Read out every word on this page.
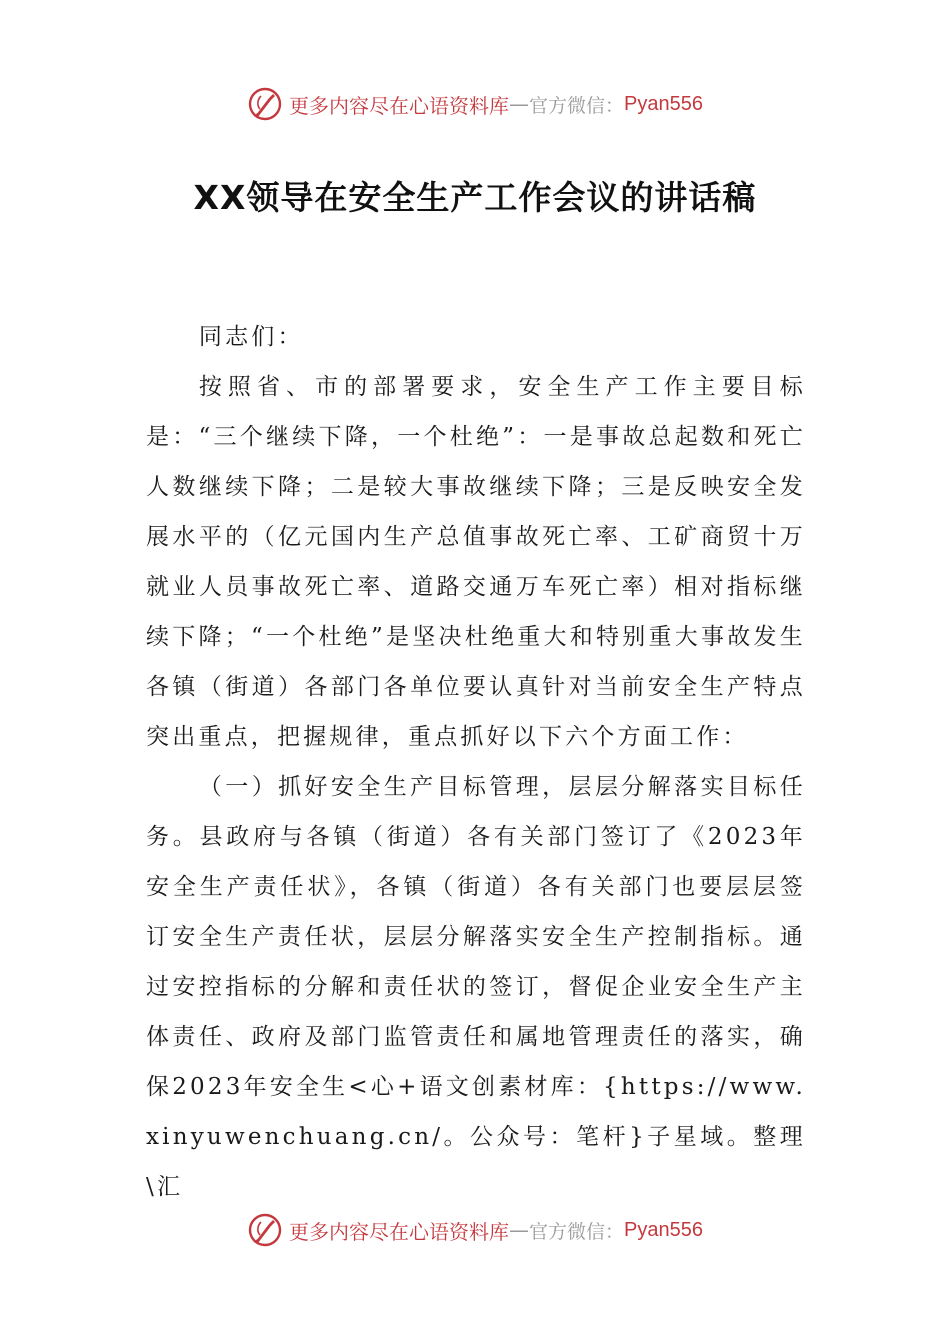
更多内容尽在心语资料库 — 官方微信： Pyan556
XX领导在安全生产工作会议的讲话稿

同志们：

按照省、市的部署要求，安全生产工作主要目标是：“三个继续下降，一个杜绝”：一是事故总起数和死亡人数继续下降；二是较大事故继续下降；三是反映安全发展水平的（亿元国内生产总值事故死亡率、工矿商贸十万就业人员事故死亡率、道路交通万车死亡率）相对指标继续下降；“一个杜绝”是坚决杜绝重大和特别重大事故发生各镇（街道）各部门各单位要认真针对当前安全生产特点突出重点，把握规律，重点抓好以下六个方面工作：

（一）抓好安全生产目标管理，层层分解落实目标任务。县政府与各镇（街道）各有关部门签订了《2023年安全生产责任状》，各镇（街道）各有关部门也要层层签订安全生产责任状，层层分解落实安全生产控制指标。通过安控指标的分解和责任状的签订，督促企业安全生产主体责任、政府及部门监管责任和属地管理责任的落实，确保2023年安全生<心+语文创素材库：{https://www.xinyuwenchuang.cn/。公众号：笔杆}子星域。整理\汇

更多内容尽在心语资料库 — 官方微信： Pyan556
